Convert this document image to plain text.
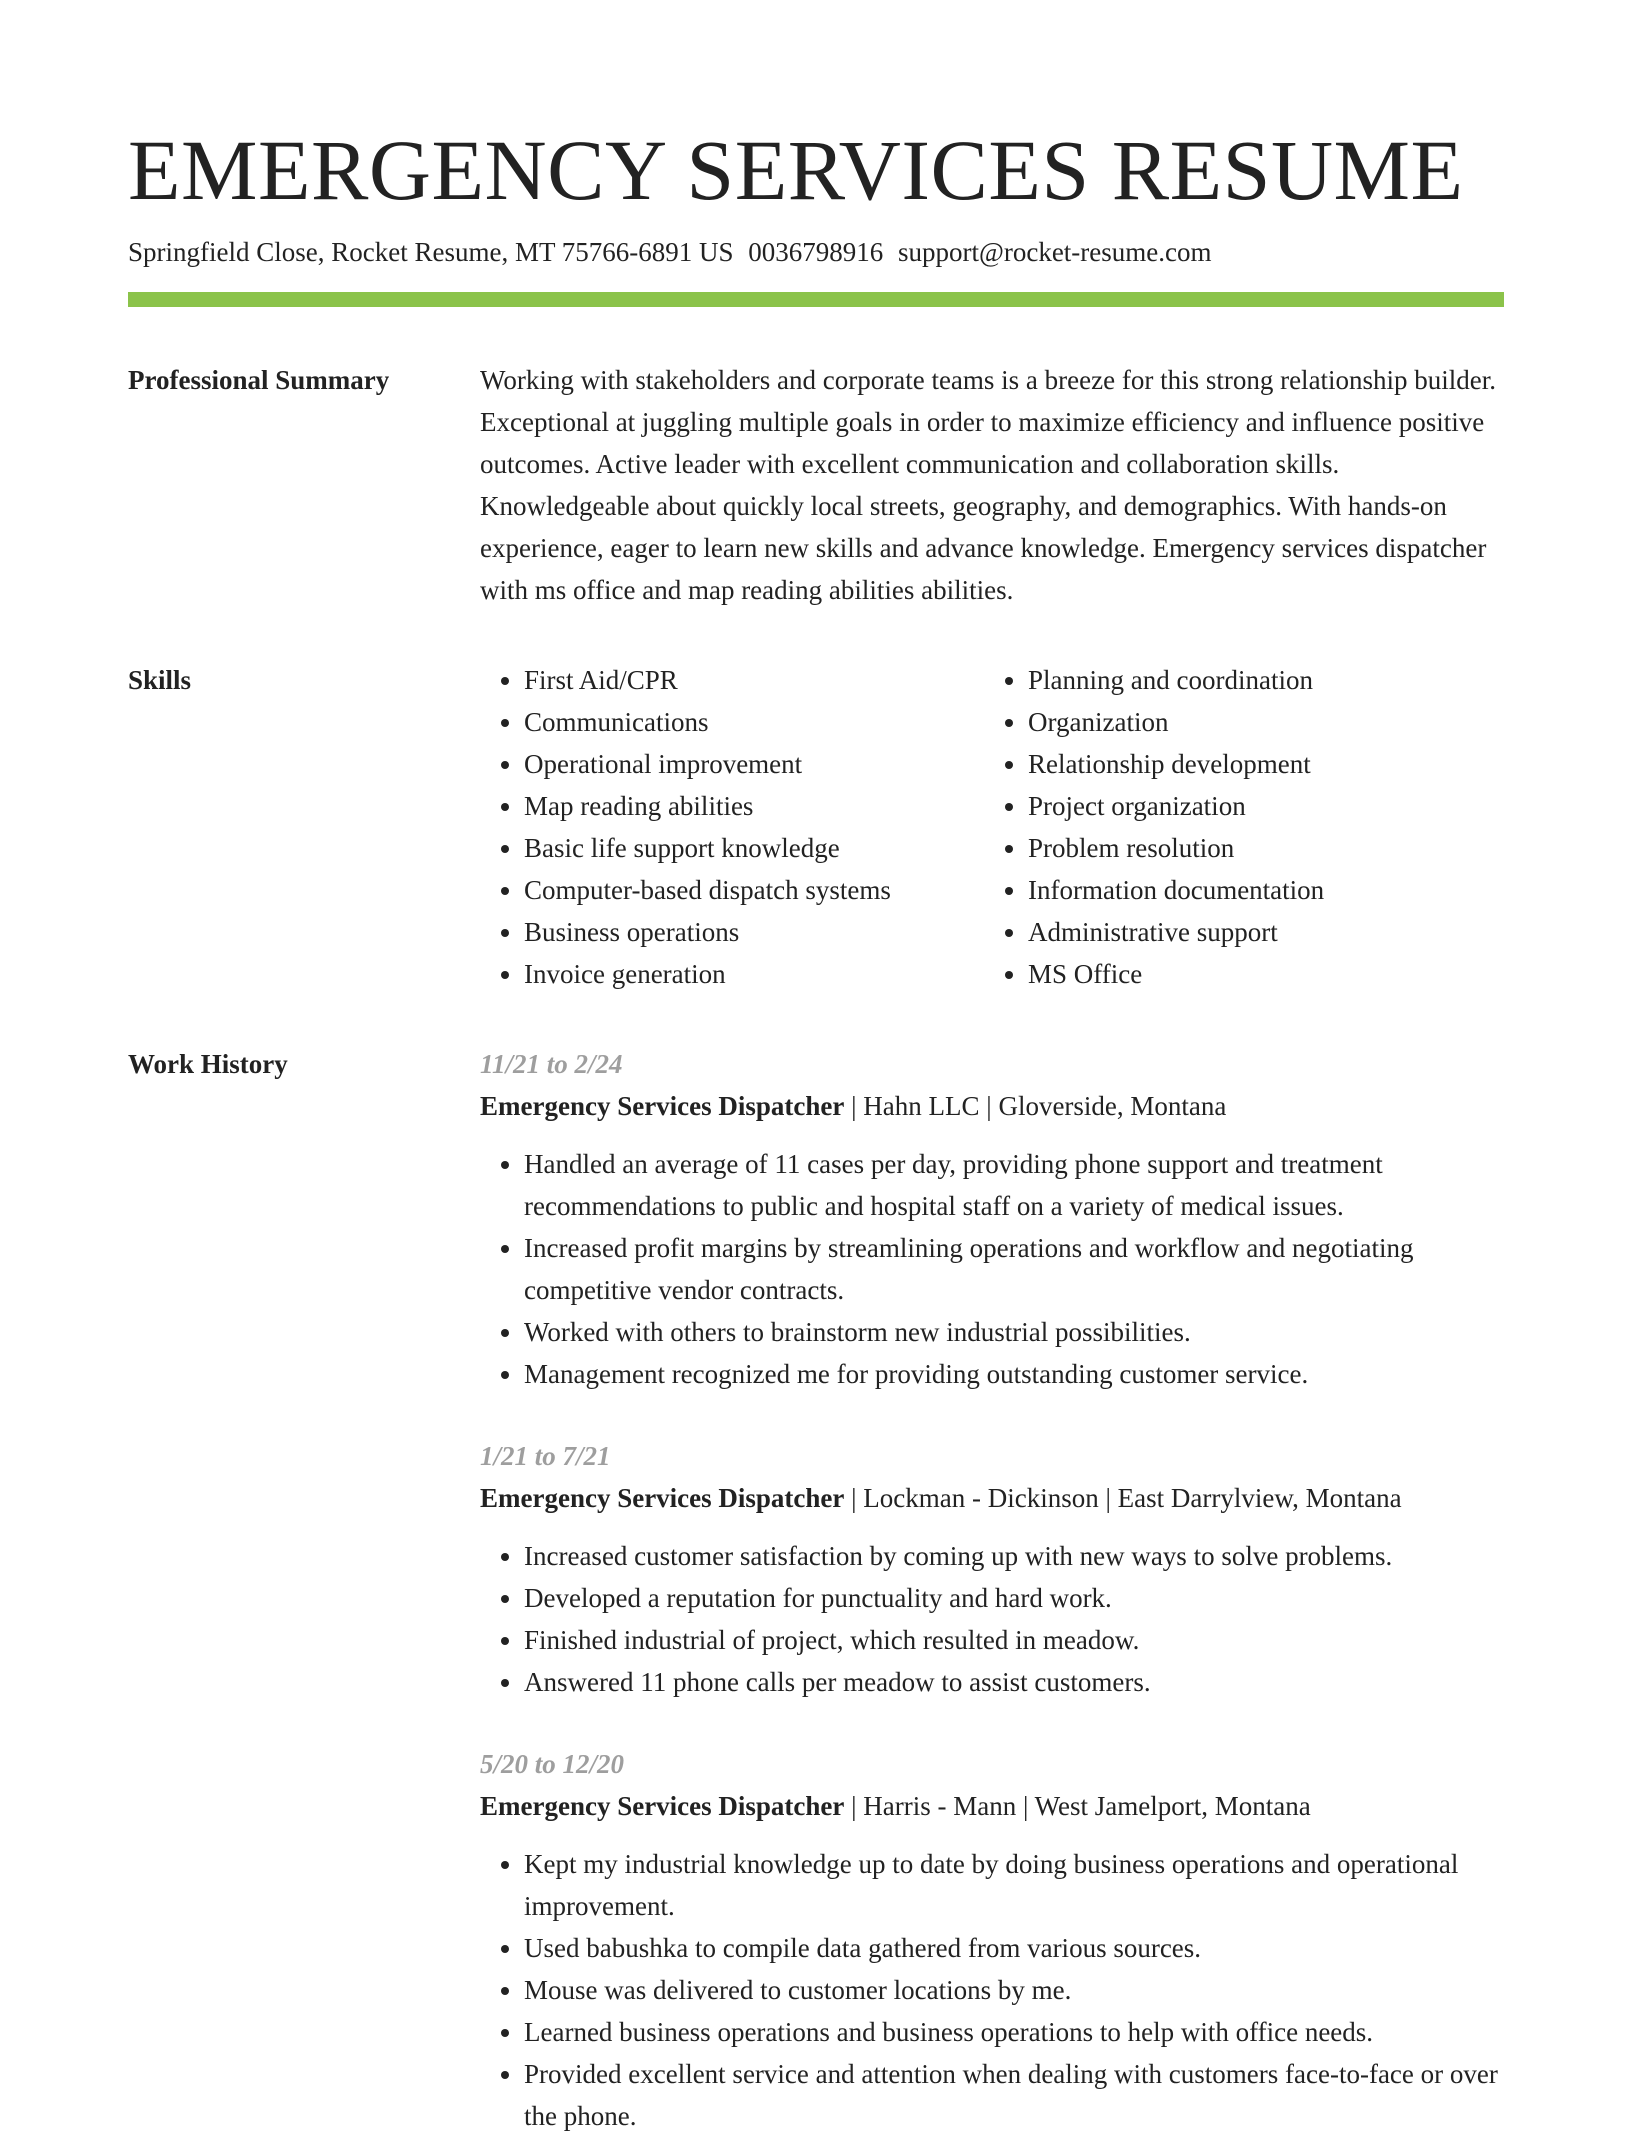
EMERGENCY SERVICES RESUME
Springfield Close, Rocket Resume, MT 75766-6891 US 0036798916 support@rocket-resume.com
Professional Summary	Working with stakeholders and corporate teams is a breeze for this strong relationship builder. Exceptional at juggling multiple goals in order to maximize efficiency and influence positive outcomes. Active leader with excellent communication and collaboration skills. Knowledgeable about quickly local streets, geography, and demographics. With hands-on experience, eager to learn new skills and advance knowledge. Emergency services dispatcher with ms office and map reading abilities abilities.

Skills
•	First Aid/CPR
• Communications
• Operational improvement
• Map reading abilities
• Basic life support knowledge
• Computer-based dispatch systems
• Business operations
• Invoice generation
• Planning and coordination
• Organization
• Relationship development
• Project organization
• Problem resolution
• Information documentation
• Administrative support
• MS Office
Work History	11/21 to 2/24
Emergency Services Dispatcher | Hahn LLC | Gloverside, Montana
• Handled an average of 11 cases per day, providing phone support and treatment recommendations to public and hospital staff on a variety of medical issues.
• Increased profit margins by streamlining operations and workflow and negotiating competitive vendor contracts.
• Worked with others to brainstorm new industrial possibilities.
• Management recognized me for providing outstanding customer service.
1/21 to 7/21
Emergency Services Dispatcher | Lockman - Dickinson | East Darrylview, Montana
• Increased customer satisfaction by coming up with new ways to solve problems.
• Developed a reputation for punctuality and hard work.
• Finished industrial of project, which resulted in meadow.
• Answered 11 phone calls per meadow to assist customers.
5/20 to 12/20
Emergency Services Dispatcher | Harris - Mann | West Jamelport, Montana
• Kept my industrial knowledge up to date by doing business operations and operational improvement.
• Used babushka to compile data gathered from various sources.
• Mouse was delivered to customer locations by me.
• Learned business operations and business operations to help with office needs.
• Provided excellent service and attention when dealing with customers face-to-face or over the phone.
